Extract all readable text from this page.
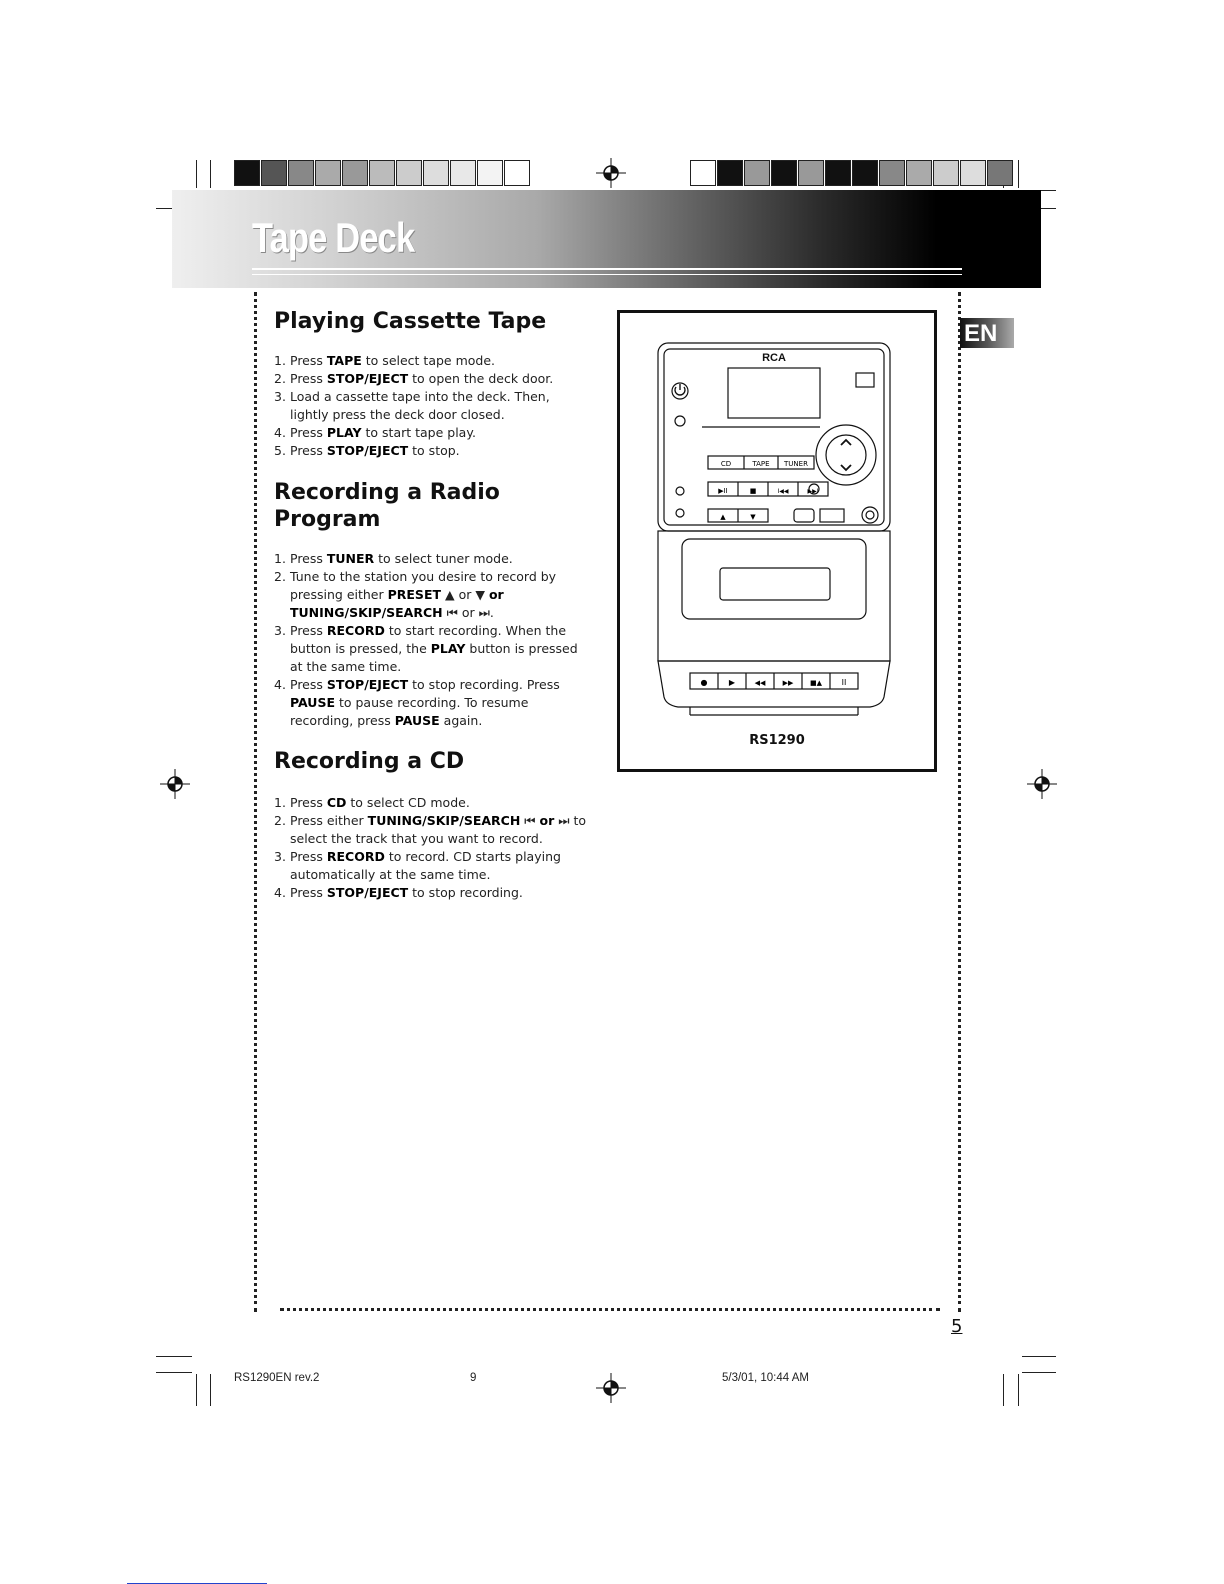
Tape Deck
EN
Playing Cassette Tape
1. Press TAPE to select tape mode.
2. Press STOP/EJECT to open the deck door.
3. Load a cassette tape into the deck. Then, lightly press the deck door closed.
4. Press PLAY to start tape play.
5. Press STOP/EJECT to stop.
Recording a Radio Program
1. Press TUNER to select tuner mode.
2. Tune to the station you desire to record by pressing either PRESET ▲ or ▼ or TUNING/SKIP/SEARCH ⏮ or ⏭.
3. Press RECORD to start recording. When the button is pressed, the PLAY button is pressed at the same time.
4. Press STOP/EJECT to stop recording. Press PAUSE to pause recording. To resume recording, press PAUSE again.
Recording a CD
1. Press CD to select CD mode.
2. Press either TUNING/SKIP/SEARCH ⏮ or ⏭ to select the track that you want to record.
3. Press RECORD to record. CD starts playing automatically at the same time.
4. Press STOP/EJECT to stop recording.
RCA
CD	TAPE TUNER
▶II	■	I◀◀	▶▶I
▲	▼
●	▶	◀◀ ▶▶ ■▲ II
RS1290
5
RS1290EN rev.2	9	5/3/01, 10:44 AM
